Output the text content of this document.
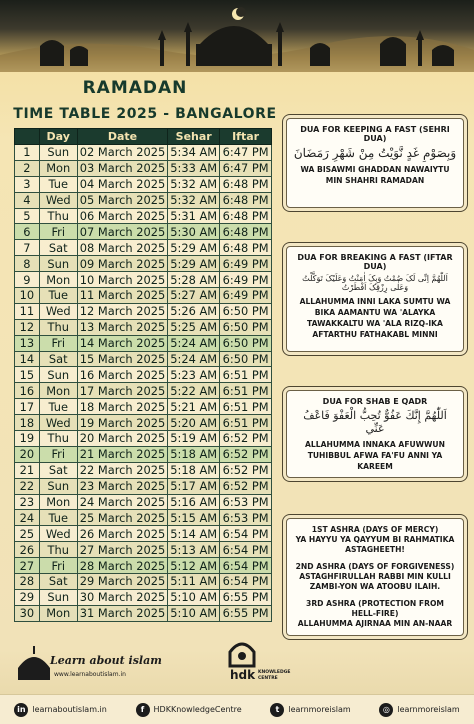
RAMADAN
TIME TABLE 2025 - BANGALORE
	Day	Date	Sehar	Iftar
1	Sun	02 March 2025	5:34 AM	6:47 PM
2	Mon	03 March 2025	5:33 AM	6:47 PM
3	Tue	04 March 2025	5:32 AM	6:48 PM
4	Wed	05 March 2025	5:32 AM	6:48 PM
5	Thu	06 March 2025	5:31 AM	6:48 PM
6	Fri	07 March 2025	5:30 AM	6:48 PM
7	Sat	08 March 2025	5:29 AM	6:48 PM
8	Sun	09 March 2025	5:29 AM	6:49 PM
9	Mon	10 March 2025	5:28 AM	6:49 PM
10	Tue	11 March 2025	5:27 AM	6:49 PM
11	Wed	12 March 2025	5:26 AM	6:50 PM
12	Thu	13 March 2025	5:25 AM	6:50 PM
13	Fri	14 March 2025	5:24 AM	6:50 PM
14	Sat	15 March 2025	5:24 AM	6:50 PM
15	Sun	16 March 2025	5:23 AM	6:51 PM
16	Mon	17 March 2025	5:22 AM	6:51 PM
17	Tue	18 March 2025	5:21 AM	6:51 PM
18	Wed	19 March 2025	5:20 AM	6:51 PM
19	Thu	20 March 2025	5:19 AM	6:52 PM
20	Fri	21 March 2025	5:18 AM	6:52 PM
21	Sat	22 March 2025	5:18 AM	6:52 PM
22	Sun	23 March 2025	5:17 AM	6:52 PM
23	Mon	24 March 2025	5:16 AM	6:53 PM
24	Tue	25 March 2025	5:15 AM	6:53 PM
25	Wed	26 March 2025	5:14 AM	6:54 PM
26	Thu	27 March 2025	5:13 AM	6:54 PM
27	Fri	28 March 2025	5:12 AM	6:54 PM
28	Sat	29 March 2025	5:11 AM	6:54 PM
29	Sun	30 March 2025	5:10 AM	6:55 PM
30	Mon	31 March 2025	5:10 AM	6:55 PM
DUA FOR KEEPING A FAST (SEHRI DUA)
وَبِصَوْمِ غَدٍ نَّوَيْتُ مِنْ شَهْرِ رَمَضَانَ
WA BISAWMI GHADDAN NAWAIYTU MIN SHAHRI RAMADAN
DUA FOR BREAKING A FAST (IFTAR DUA)
اَللّٰهُمَّ اِنِّی لَکَ صُمْتُ وَبِکَ اٰمَنْتُ وَعَلَیْکَ تَوَکَّلْتُ وَعَلٰی رِزْقِکَ اَفْطَرْتُ
ALLAHUMMA INNI LAKA SUMTU WA BIKA AAMANTU WA 'ALAYKA TAWAKKALTU WA 'ALA RIZQ-IKA AFTARTHU FATHAKABL MINNI
DUA FOR SHAB E QADR
اَللّٰهُمَّ إِنَّكَ عَفُوٌّ تُحِبُّ الْعَفْوَ فَاعْفُ عَنِّي
ALLAHUMMA INNAKA AFUWWUN TUHIBBUL AFWA FA'FU ANNI YA KAREEM
1ST ASHRA (DAYS OF MERCY)
YA HAYYU YA QAYYUM BI RAHMATIKA ASTAGHEETH!
2ND ASHRA (DAYS OF FORGIVENESS)
ASTAGHFIRULLAH RABBI MIN KULLI ZAMBI-YON WA ATOOBU ILAIH.
3RD ASHRA (PROTECTION FROM HELL-FIRE)
ALLAHUMMA AJIRNAA MIN AN-NAAR
Learn about islam
www.learnaboutislam.in	hdk KNOWLEDGE CENTRE
in learnaboutislam.in	f	HDKKnowledgeCentre	t	learnmoreislam	◎ learnmoreislam
